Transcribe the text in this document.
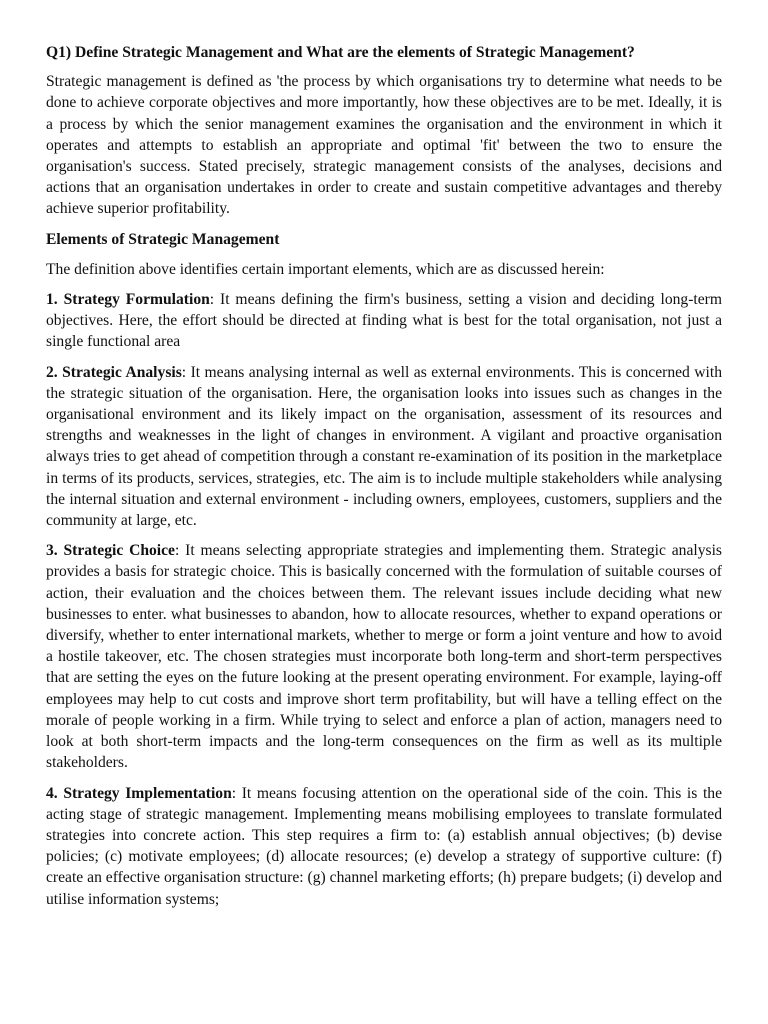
Q1) Define Strategic Management and What are the elements of Strategic Management?

Strategic management is defined as 'the process by which organisations try to determine what needs to be done to achieve corporate objectives and more importantly, how these objectives are to be met. Ideally, it is a process by which the senior management examines the organisation and the environment in which it operates and attempts to establish an appropriate and optimal 'fit' between the two to ensure the organisation's success. Stated precisely, strategic management consists of the analyses, decisions and actions that an organisation undertakes in order to create and sustain competitive advantages and thereby achieve superior profitability.

Elements of Strategic Management

The definition above identifies certain important elements, which are as discussed herein:

1. Strategy Formulation: It means defining the firm's business, setting a vision and deciding long-term objectives. Here, the effort should be directed at finding what is best for the total organisation, not just a single functional area

2. Strategic Analysis: It means analysing internal as well as external environments. This is concerned with the strategic situation of the organisation. Here, the organisation looks into issues such as changes in the organisational environment and its likely impact on the organisation, assessment of its resources and strengths and weaknesses in the light of changes in environment. A vigilant and proactive organisation always tries to get ahead of competition through a constant re-examination of its position in the marketplace in terms of its products, services, strategies, etc. The aim is to include multiple stakeholders while analysing the internal situation and external environment - including owners, employees, customers, suppliers and the community at large, etc.

3. Strategic Choice: It means selecting appropriate strategies and implementing them. Strategic analysis provides a basis for strategic choice. This is basically concerned with the formulation of suitable courses of action, their evaluation and the choices between them. The relevant issues include deciding what new businesses to enter. what businesses to abandon, how to allocate resources, whether to expand operations or diversify, whether to enter international markets, whether to merge or form a joint venture and how to avoid a hostile takeover, etc. The chosen strategies must incorporate both long-term and short-term perspectives that are setting the eyes on the future looking at the present operating environment. For example, laying-off employees may help to cut costs and improve short term profitability, but will have a telling effect on the morale of people working in a firm. While trying to select and enforce a plan of action, managers need to look at both short-term impacts and the long-term consequences on the firm as well as its multiple stakeholders.

4. Strategy Implementation: It means focusing attention on the operational side of the coin. This is the acting stage of strategic management. Implementing means mobilising employees to translate formulated strategies into concrete action. This step requires a firm to: (a) establish annual objectives; (b) devise policies; (c) motivate employees; (d) allocate resources; (e) develop a strategy of supportive culture: (f) create an effective organisation structure: (g) channel marketing efforts; (h) prepare budgets; (i) develop and utilise information systems;
